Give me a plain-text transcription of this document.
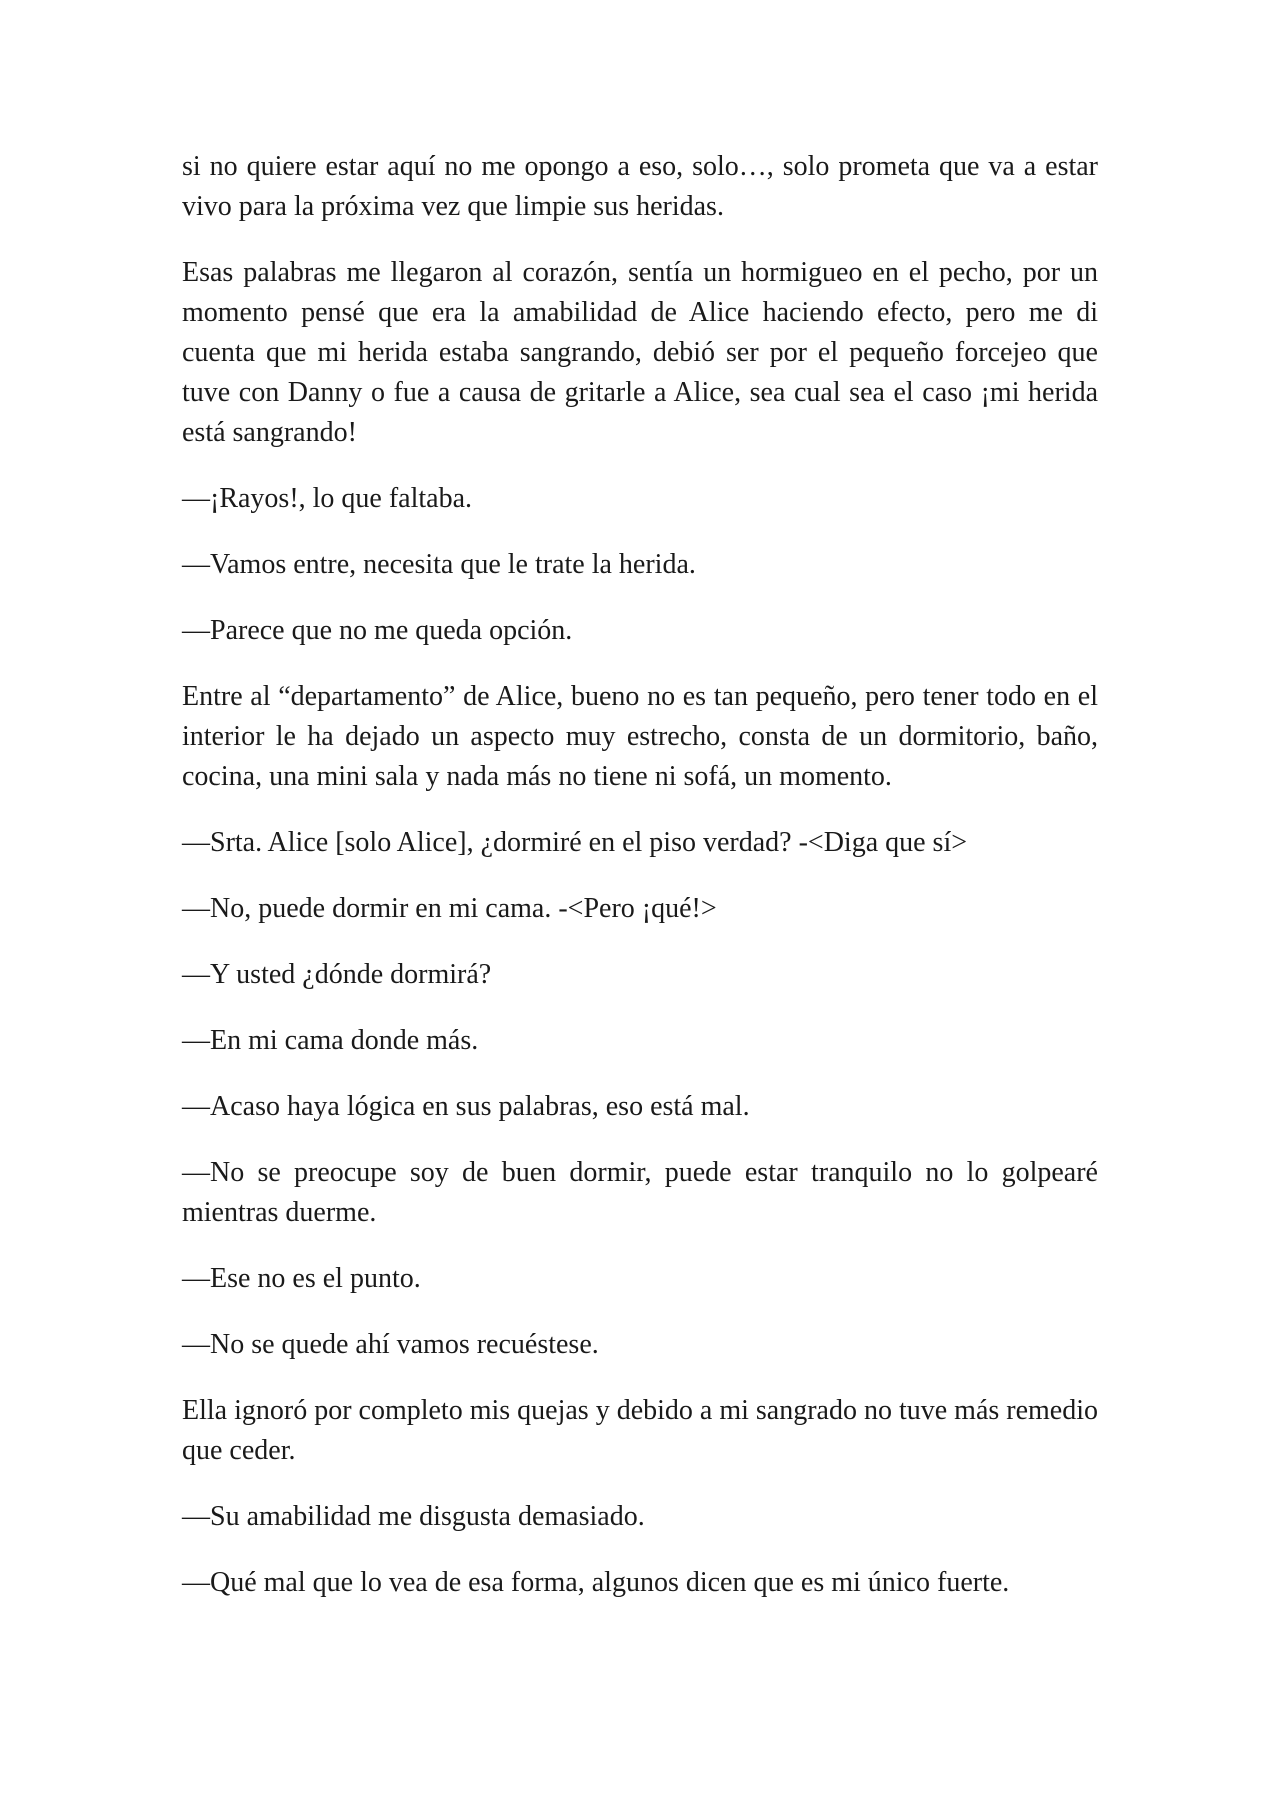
si no quiere estar aquí no me opongo a eso, solo…, solo prometa que va a estar vivo para la próxima vez que limpie sus heridas.

Esas palabras me llegaron al corazón, sentía un hormigueo en el pecho, por un momento pensé que era la amabilidad de Alice haciendo efecto, pero me di cuenta que mi herida estaba sangrando, debió ser por el pequeño forcejeo que tuve con Danny o fue a causa de gritarle a Alice, sea cual sea el caso ¡mi herida está sangrando!

—¡Rayos!, lo que faltaba.

—Vamos entre, necesita que le trate la herida.

—Parece que no me queda opción.

Entre al “departamento” de Alice, bueno no es tan pequeño, pero tener todo en el interior le ha dejado un aspecto muy estrecho, consta de un dormitorio, baño, cocina, una mini sala y nada más no tiene ni sofá, un momento.

—Srta. Alice [solo Alice], ¿dormiré en el piso verdad? -<Diga que sí>

—No, puede dormir en mi cama. -<Pero ¡qué!>

—Y usted ¿dónde dormirá?

—En mi cama donde más.

—Acaso haya lógica en sus palabras, eso está mal.

—No se preocupe soy de buen dormir, puede estar tranquilo no lo golpearé mientras duerme.

—Ese no es el punto.

—No se quede ahí vamos recuéstese.

Ella ignoró por completo mis quejas y debido a mi sangrado no tuve más remedio que ceder.

—Su amabilidad me disgusta demasiado.

—Qué mal que lo vea de esa forma, algunos dicen que es mi único fuerte.
